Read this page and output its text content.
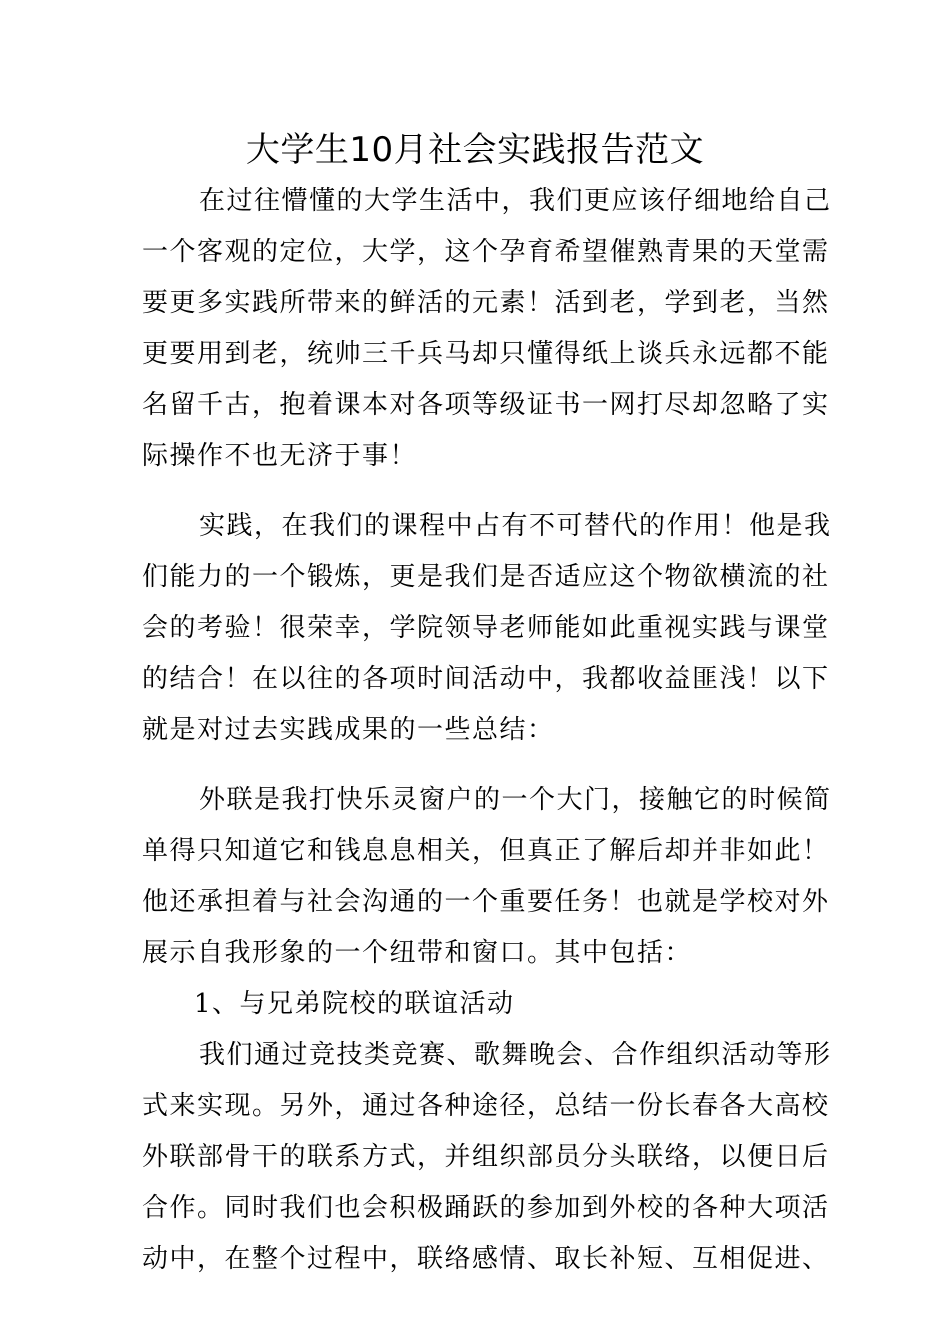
大学生10月社会实践报告范文
在过往懵懂的大学生活中，我们更应该仔细地给自己
一个客观的定位，大学，这个孕育希望催熟青果的天堂需
要更多实践所带来的鲜活的元素！活到老，学到老，当然
更要用到老，统帅三千兵马却只懂得纸上谈兵永远都不能
名留千古，抱着课本对各项等级证书一网打尽却忽略了实
际操作不也无济于事！
实践，在我们的课程中占有不可替代的作用！他是我
们能力的一个锻炼，更是我们是否适应这个物欲横流的社
会的考验！很荣幸，学院领导老师能如此重视实践与课堂
的结合！在以往的各项时间活动中，我都收益匪浅！以下
就是对过去实践成果的一些总结：
外联是我打快乐灵窗户的一个大门，接触它的时候简
单得只知道它和钱息息相关，但真正了解后却并非如此！
他还承担着与社会沟通的一个重要任务！也就是学校对外
展示自我形象的一个纽带和窗口。其中包括：
1、与兄弟院校的联谊活动
我们通过竞技类竞赛、歌舞晚会、合作组织活动等形
式来实现。另外，通过各种途径，总结一份长春各大高校
外联部骨干的联系方式，并组织部员分头联络，以便日后
合作。同时我们也会积极踊跃的参加到外校的各种大项活
动中，在整个过程中，联络感情、取长补短、互相促进、
